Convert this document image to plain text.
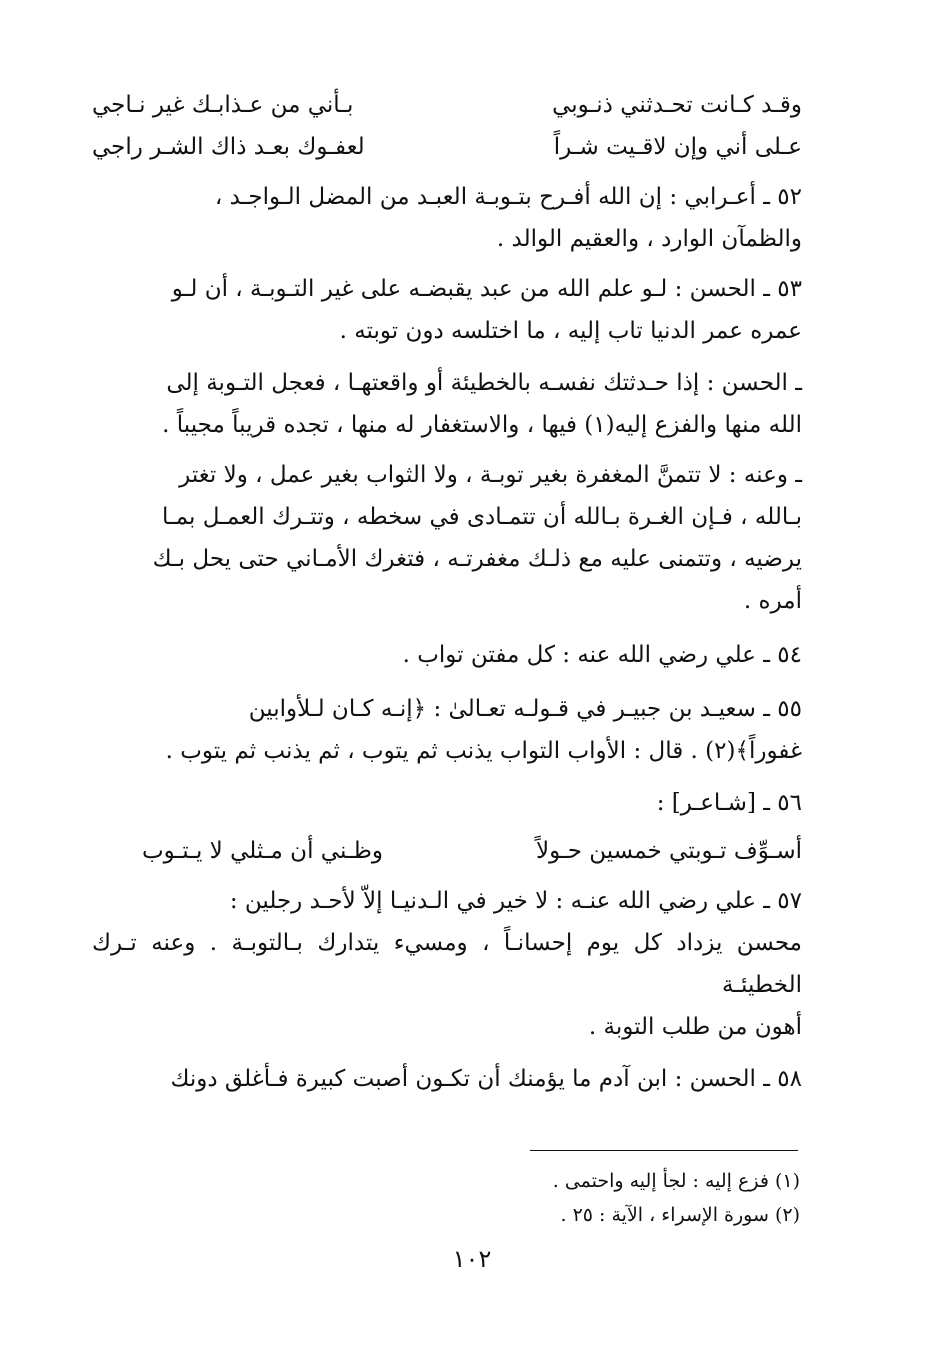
وقـد كـانت تحـدثني ذنـوبي
بـأني من عـذابـك غير نـاجي
عـلى أني وإن لاقـيت شـراً
لعفـوك بعـد ذاك الشـر راجي

٥٢ ـ أعـرابي : إن الله أفـرح بتـوبـة العبـد من المضل الـواجـد ،

والظمآن الوارد ، والعقيم الوالد .

٥٣ ـ الحسن : لـو علم الله من عبد يقبضـه على غير التـوبـة ، أن لـو

عمره عمر الدنيا تاب إليه ، ما اختلسه دون توبته .

ـ الحسن : إذا حـدثتك نفسـه بالخطيئة أو واقعتهـا ، فعجل التـوبة إلى

الله منها والفزع إليه(١) فيها ، والاستغفار له منها ، تجده قريباً مجيباً .

ـ وعنه : لا تتمنَّ المغفرة بغير توبـة ، ولا الثواب بغير عمل ، ولا تغتر

بـالله ، فـإن الغـرة بـالله أن تتمـادى في سخطه ، وتتـرك العمـل بمـا

يرضيه ، وتتمنى عليه مع ذلـك مغفرتـه ، فتغرك الأمـاني حتى يحل بـك

أمره .

٥٤ ـ علي رضي الله عنه : كل مفتن تواب .

٥٥ ـ سعيـد بن جبيـر في قـولـه تعـالىٰ : ﴿إنـه كـان لـلأوابين

غفوراً﴾(٢) . قال : الأواب التواب يذنب ثم يتوب ، ثم يذنب ثم يتوب .

٥٦ ـ [شـاعـر] :

أسـوِّف تـوبتي خمسين حـولاً
وظـني أن مـثلي لا يـتـوب

٥٧ ـ علي رضي الله عنـه : لا خير في الـدنيـا إلاّ لأحـد رجلين :

محسن يزداد كل يوم إحسانـاً ، ومسيء يتدارك بـالتوبـة . وعنه تـرك الخطيئـة

أهون من طلب التوبة .

٥٨ ـ الحسن : ابن آدم ما يؤمنك أن تكـون أصبت كبيرة فـأغلق دونك

(١) فزع إليه : لجأ إليه واحتمى .

(٢) سورة الإسراء ، الآية : ٢٥ .

١٠٢
